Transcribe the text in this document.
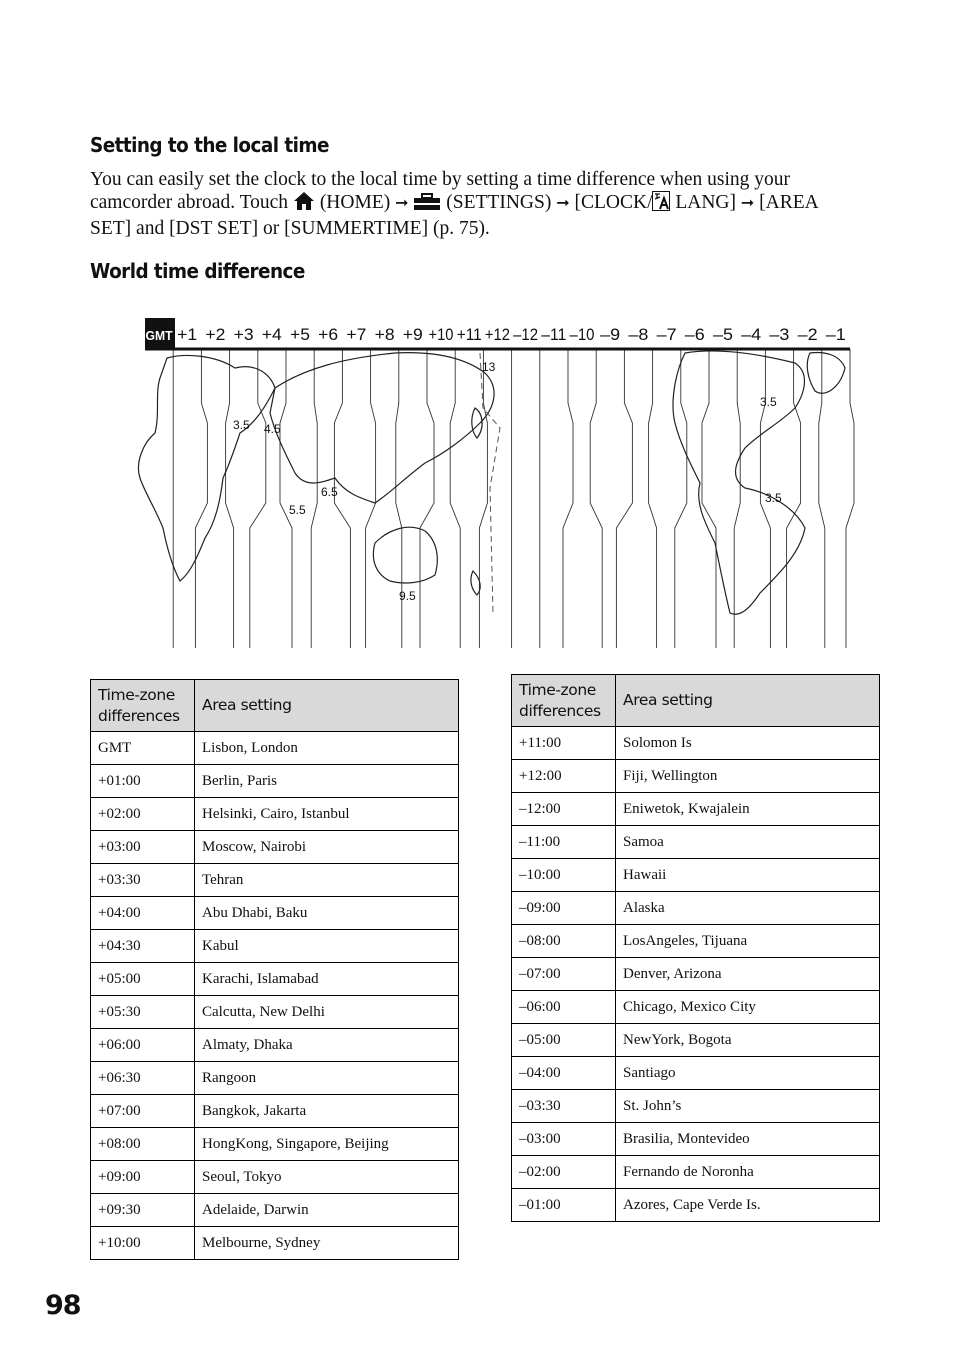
Setting to the local time
You can easily set the clock to the local time by setting a time difference when using your camcorder abroad. Touch (HOME) ➞ (SETTINGS) ➞ [CLOCK/ LANG] ➞ [AREA SET] and [DST SET] or [SUMMERTIME] (p. 75).
World time difference
GMT +1 +2 +3 +4 +5 +6 +7 +8 +9 +10 +11 +12 –12 –11 –10 –9 –8 –7 –6 –5 –4 –3 –2 –1
13
3.5 4.5
5.5
6.5
9.5
3.5
3.5
Time-zone differences	Area setting
GMT	Lisbon, London
+01:00	Berlin, Paris
+02:00	Helsinki, Cairo, Istanbul
+03:00	Moscow, Nairobi
+03:30	Tehran
+04:00	Abu Dhabi, Baku
+04:30	Kabul
+05:00	Karachi, Islamabad
+05:30	Calcutta, New Delhi
+06:00	Almaty, Dhaka
+06:30	Rangoon
+07:00	Bangkok, Jakarta
+08:00	HongKong, Singapore, Beijing
+09:00	Seoul, Tokyo
+09:30	Adelaide, Darwin
+10:00	Melbourne, Sydney
Time-zone differences	Area setting
+11:00	Solomon Is
+12:00	Fiji, Wellington
–12:00	Eniwetok, Kwajalein
–11:00	Samoa
–10:00	Hawaii
–09:00	Alaska
–08:00	LosAngeles, Tijuana
–07:00	Denver, Arizona
–06:00	Chicago, Mexico City
–05:00	NewYork, Bogota
–04:00	Santiago
–03:30	St. John’s
–03:00	Brasilia, Montevideo
–02:00	Fernando de Noronha
–01:00	Azores, Cape Verde Is.
98
